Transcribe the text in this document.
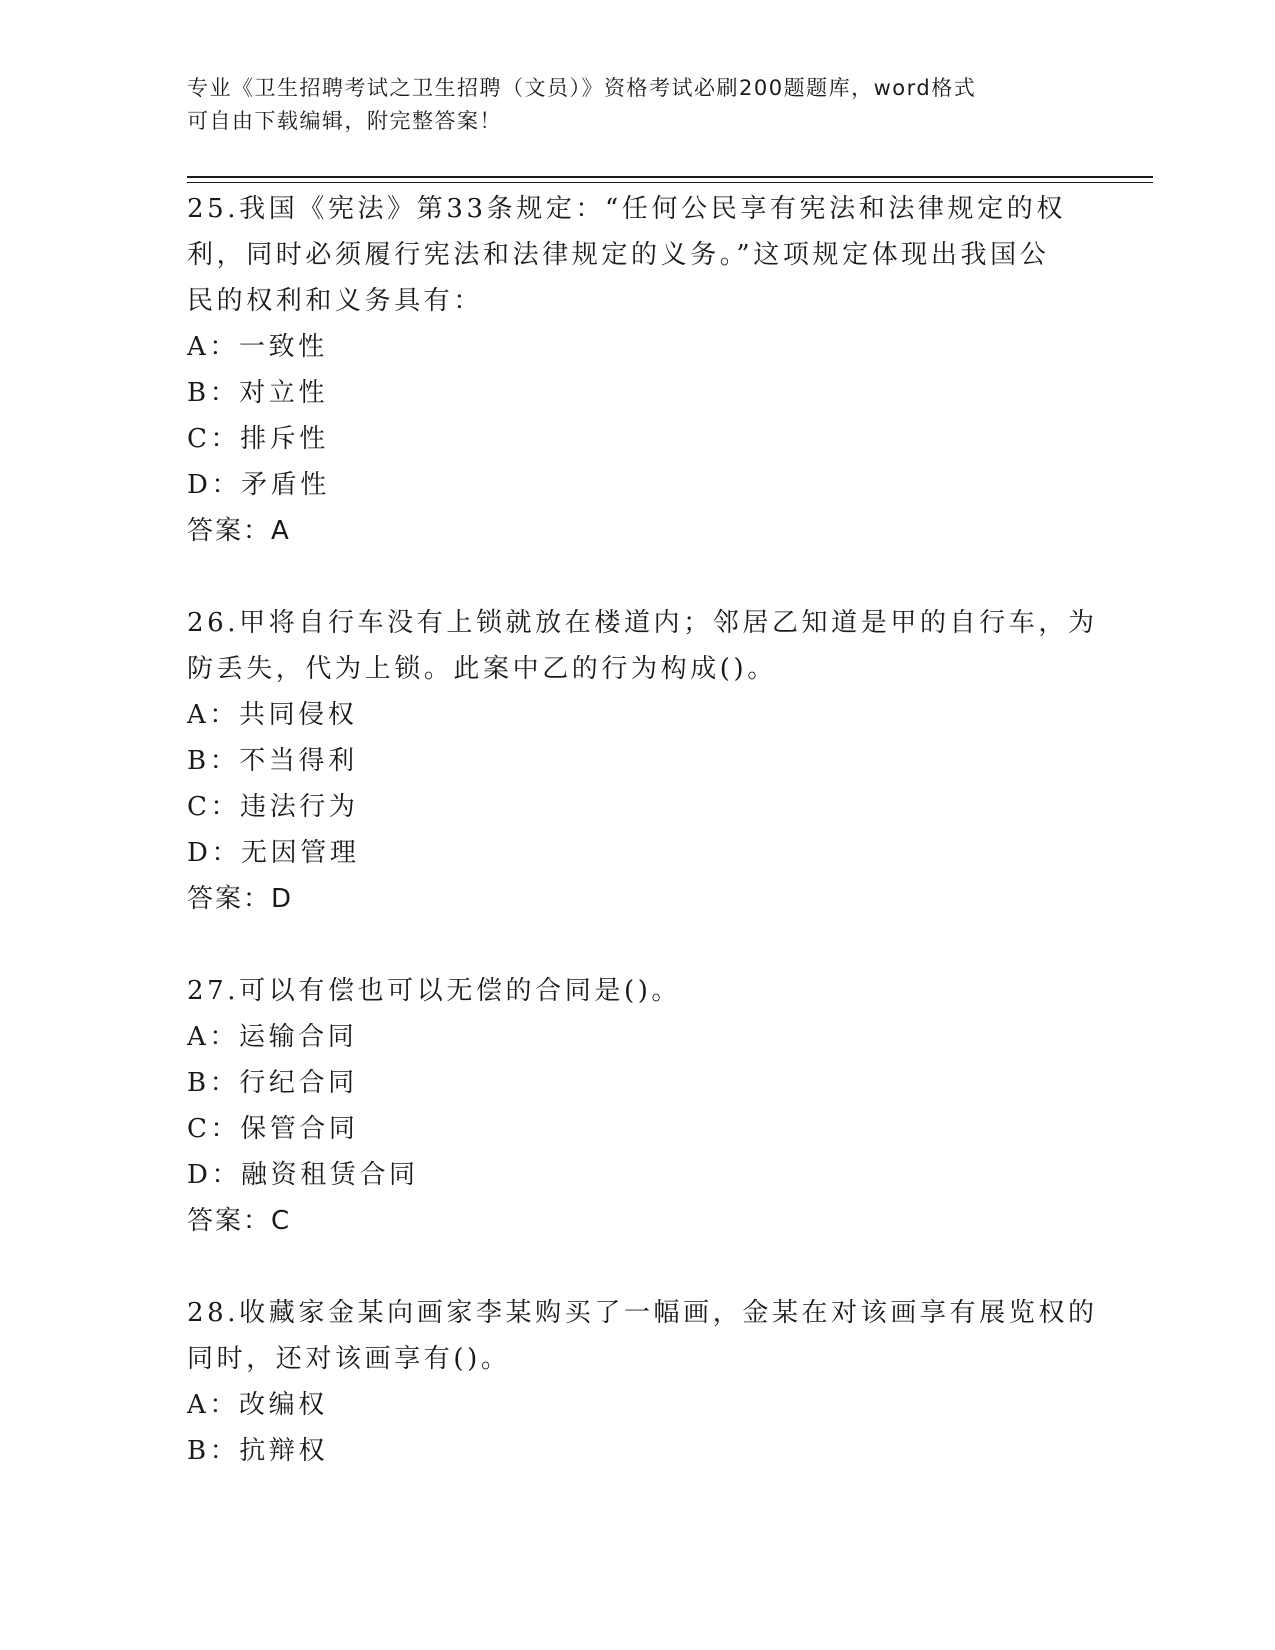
专业《卫生招聘考试之卫生招聘（文员）》资格考试必刷200题题库，word格式
可自由下载编辑，附完整答案！
25.我国《宪法》第33条规定：“任何公民享有宪法和法律规定的权
利，同时必须履行宪法和法律规定的义务。”这项规定体现出我国公
民的权利和义务具有：
A：一致性
B：对立性
C：排斥性
D：矛盾性
答案：A
26.甲将自行车没有上锁就放在楼道内；邻居乙知道是甲的自行车，为
防丢失，代为上锁。此案中乙的行为构成()。
A：共同侵权
B：不当得利
C：违法行为
D：无因管理
答案：D
27.可以有偿也可以无偿的合同是()。
A：运输合同
B：行纪合同
C：保管合同
D：融资租赁合同
答案：C
28.收藏家金某向画家李某购买了一幅画，金某在对该画享有展览权的
同时，还对该画享有()。
A：改编权
B：抗辩权
